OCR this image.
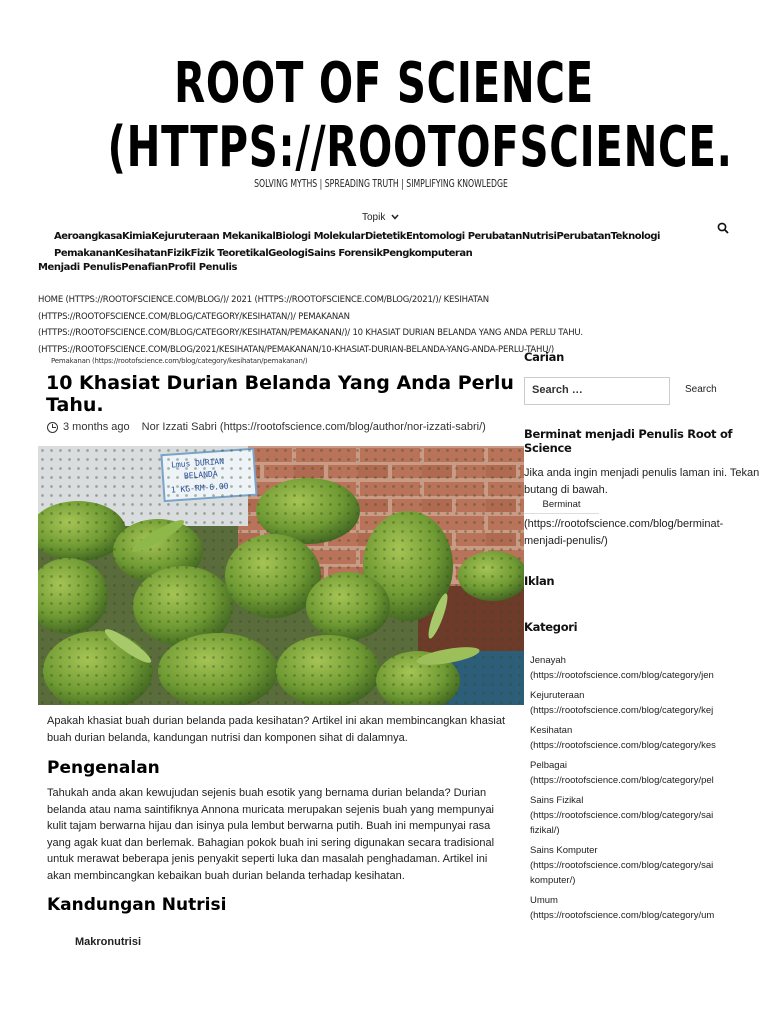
ROOT OF SCIENCE
(HTTPS://ROOTOFSCIENCE.
SOLVING MYTHS | SPREADING TRUTH | SIMPLIFYING KNOWLEDGE
Topik
AeroangkasaKimiaKejuruteraan MekanikalBiologi MolekularDietetikEntomologi PerubatanNutrisiPerubatanTeknologi PemakananKesihatanFizikFizik TeoretikalGeologiSains ForensikPengkomputeran
Menjadi PenulisPenafianProfil Penulis
HOME (HTTPS://ROOTOFSCIENCE.COM/BLOG/)/ 2021 (HTTPS://ROOTOFSCIENCE.COM/BLOG/2021/)/ KESIHATAN (HTTPS://ROOTOFSCIENCE.COM/BLOG/CATEGORY/KESIHATAN/)/ PEMAKANAN
(HTTPS://ROOTOFSCIENCE.COM/BLOG/CATEGORY/KESIHATAN/PEMAKANAN/)/ 10 KHASIAT DURIAN BELANDA YANG ANDA PERLU TAHU.
(HTTPS://ROOTOFSCIENCE.COM/BLOG/2021/KESIHATAN/PEMAKANAN/10-KHASIAT-DURIAN-BELANDA-YANG-ANDA-PERLU-TAHU/)
Pemakanan (https://rootofscience.com/blog/category/kesihatan/pemakanan/)
10 Khasiat Durian Belanda Yang Anda Perlu Tahu.
3 months ago Nor Izzati Sabri (https://rootofscience.com/blog/author/nor-izzati-sabri/)

Apakah khasiat buah durian belanda pada kesihatan? Artikel ini akan membincangkan khasiat buah durian belanda, kandungan nutrisi dan komponen sihat di dalamnya.

Pengenalan

Tahukah anda akan kewujudan sejenis buah esotik yang bernama durian belanda? Durian belanda atau nama saintifiknya Annona muricata merupakan sejenis buah yang mempunyai kulit tajam berwarna hijau dan isinya pula lembut berwarna putih. Buah ini mempunyai rasa yang agak kuat dan berlemak. Bahagian pokok buah ini sering digunakan secara tradisional untuk merawat beberapa jenis penyakit seperti luka dan masalah penghadaman. Artikel ini akan membincangkan kebaikan buah durian belanda terhadap kesihatan.

Kandungan Nutrisi
Makronutrisi
Carian
Search …	Search
Berminat menjadi Penulis Root of
Science

Jika anda ingin menjadi penulis laman ini. Tekan butang di bawah.

Berminat
(https://rootofscience.com/blog/berminat-
menjadi-penulis/)
Iklan
Kategori
Jenayah
(https://rootofscience.com/blog/category/jen
Kejuruteraan
(https://rootofscience.com/blog/category/kej
Kesihatan
(https://rootofscience.com/blog/category/kes
Pelbagai
(https://rootofscience.com/blog/category/pel
Sains Fizikal
(https://rootofscience.com/blog/category/sai
fizikal/)
Sains Komputer
(https://rootofscience.com/blog/category/sai
komputer/)
Umum
(https://rootofscience.com/blog/category/um
